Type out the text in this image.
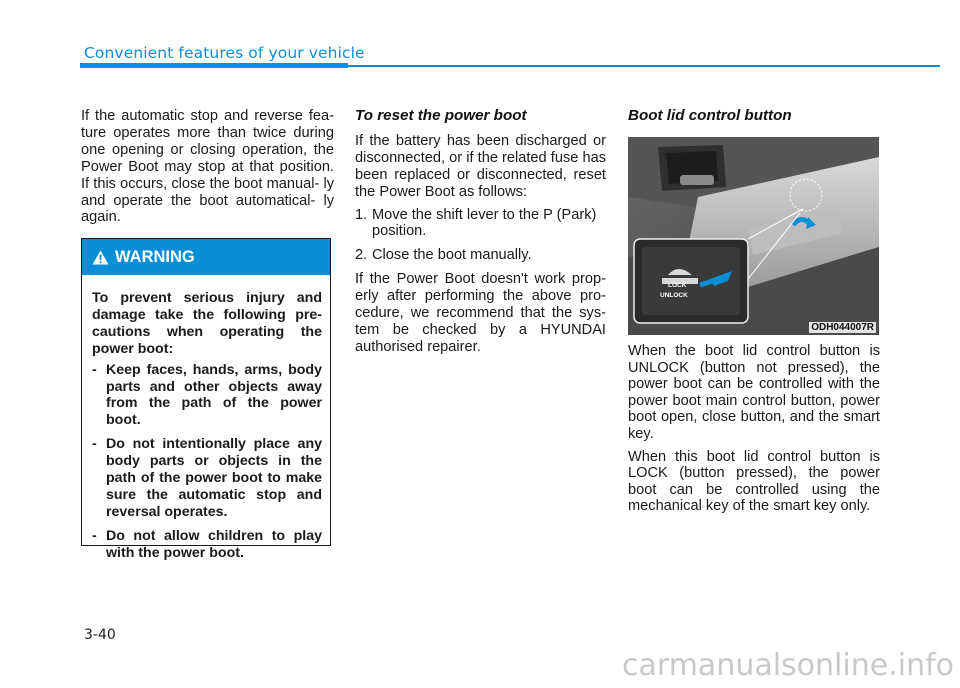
Convenient features of your vehicle

If the automatic stop and reverse fea- ture operates more than twice during one opening or closing operation, the Power Boot may stop at that position. If this occurs, close the boot manual- ly and operate the boot automatical- ly again.

WARNING

To prevent serious injury and damage take the following pre- cautions when operating the power boot:

- Keep faces, hands, arms, body parts and other objects away from the path of the power boot.
- Do not intentionally place any body parts or objects in the path of the power boot to make sure the automatic stop and reversal operates.
- Do not allow children to play with the power boot.
To reset the power boot

If the battery has been discharged or disconnected, or if the related fuse has been replaced or disconnected, reset the Power Boot as follows:

1. Move the shift lever to the P (Park) position.
2. Close the boot manually.

If the Power Boot doesn't work prop- erly after performing the above pro- cedure, we recommend that the sys- tem be checked by a HYUNDAI authorised repairer.

Boot lid control button
LOCK
UNLOCK
ODH044007R

When the boot lid control button is UNLOCK (button not pressed), the power boot can be controlled with the power boot main control button, power boot open, close button, and the smart key.

When this boot lid control button is LOCK (button pressed), the power boot can be controlled using the mechanical key of the smart key only.

3-40
carmanualsonline.info
